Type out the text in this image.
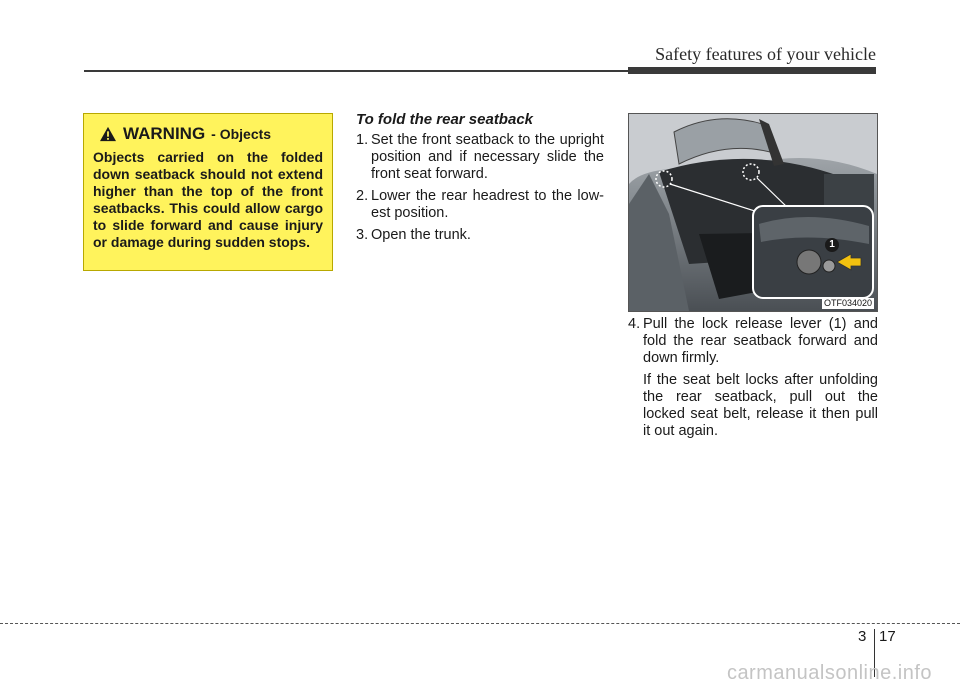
Safety features of your vehicle
WARNING - Objects
Objects carried on the folded down seatback should not extend higher than the top of the front seatbacks. This could allow cargo to slide forward and cause injury or damage during sudden stops.
To fold the rear seatback
1. Set the front seatback to the upright position and if necessary slide the front seat forward.
2. Lower the rear headrest to the low-est position.
3. Open the trunk.
1
OTF034020
4. Pull the lock release lever (1) and fold the rear seatback forward and down firmly.
If the seat belt locks after unfolding the rear seatback, pull out the locked seat belt, release it then pull it out again.
3 17
carmanualsonline.info
